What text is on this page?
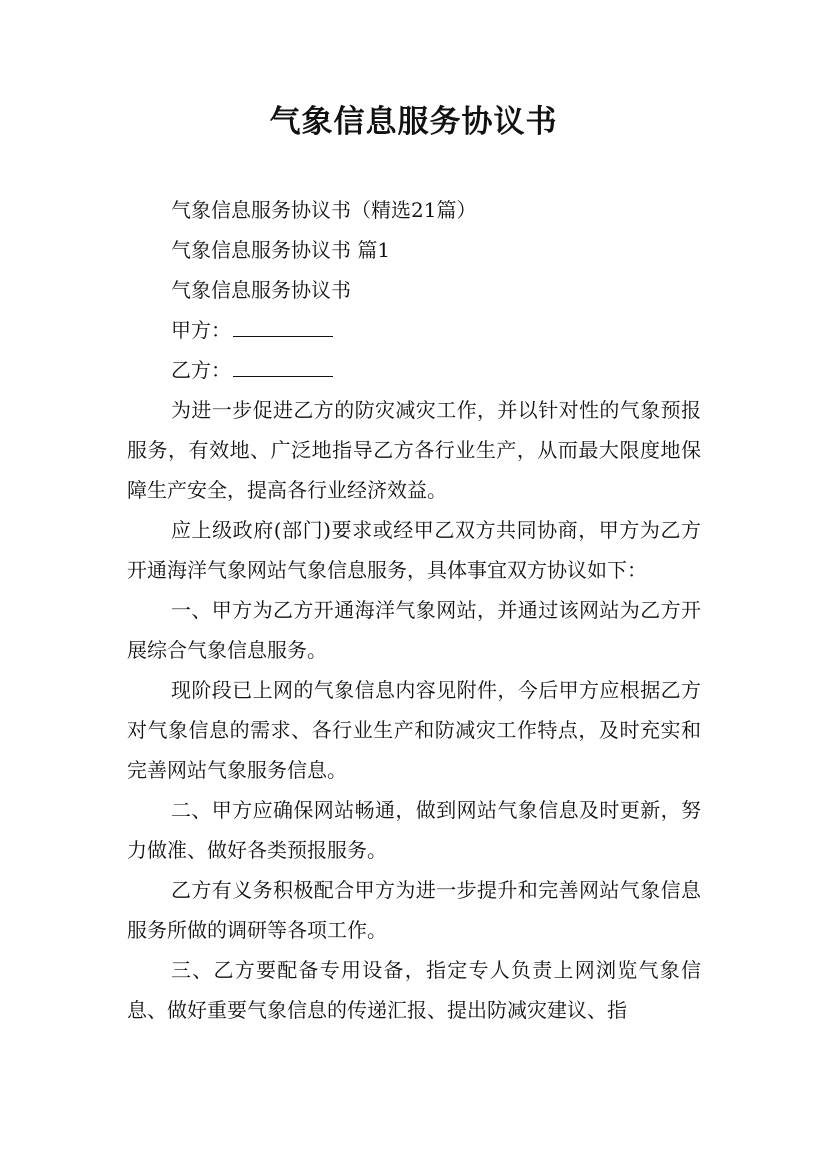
气象信息服务协议书

气象信息服务协议书（精选21篇）

气象信息服务协议书 篇1

气象信息服务协议书

甲方：

乙方：

为进一步促进乙方的防灾减灾工作，并以针对性的气象预报服务，有效地、广泛地指导乙方各行业生产，从而最大限度地保障生产安全，提高各行业经济效益。

应上级政府(部门)要求或经甲乙双方共同协商，甲方为乙方开通海洋气象网站气象信息服务，具体事宜双方协议如下：

一、甲方为乙方开通海洋气象网站，并通过该网站为乙方开展综合气象信息服务。

现阶段已上网的气象信息内容见附件，今后甲方应根据乙方对气象信息的需求、各行业生产和防减灾工作特点，及时充实和完善网站气象服务信息。

二、甲方应确保网站畅通，做到网站气象信息及时更新，努力做准、做好各类预报服务。

乙方有义务积极配合甲方为进一步提升和完善网站气象信息服务所做的调研等各项工作。

三、乙方要配备专用设备，指定专人负责上网浏览气象信息、做好重要气象信息的传递汇报、提出防减灾建议、指
